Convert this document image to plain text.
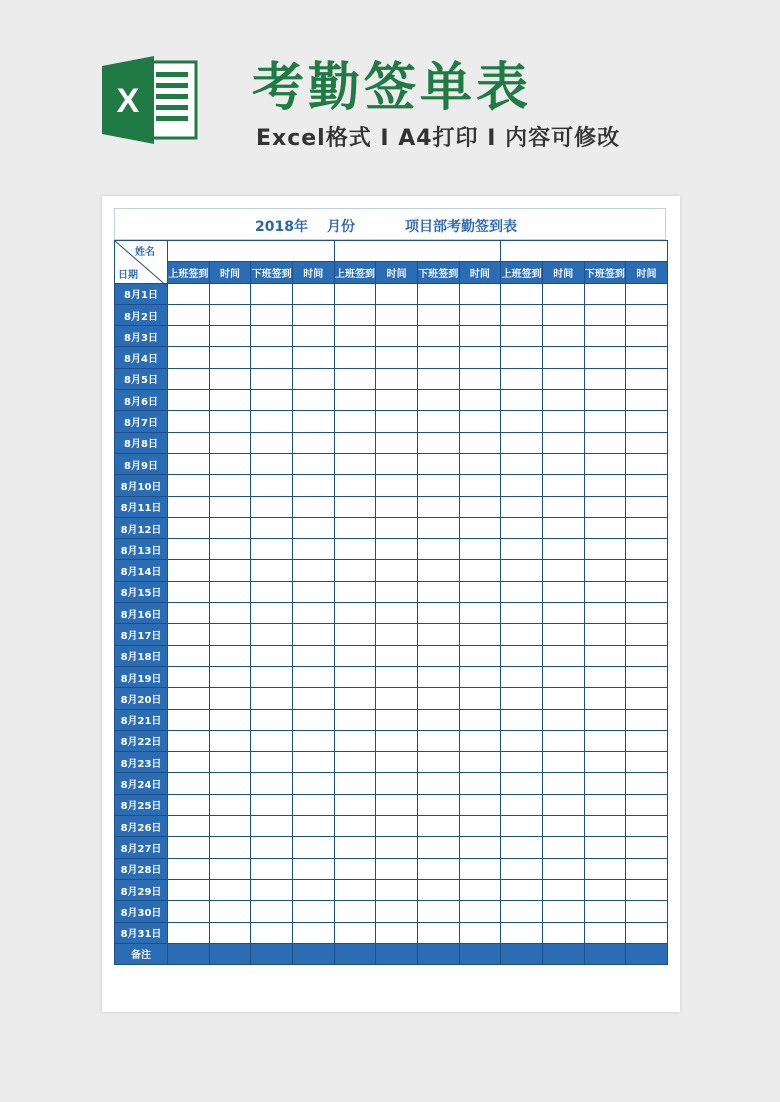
X 考勤签单表
Excel格式 I A4打印 I 内容可修改
2018年 月份	项目部考勤签到表
姓名
日期												

	上班签到	时间	下班签到	时间	上班签到	时间	下班签到	时间	上班签到	时间	下班签到	时间
8月1日												
8月2日												
8月3日												
8月4日												
8月5日												
8月6日												
8月7日												
8月8日												
8月9日												
8月10日												
8月11日												
8月12日												
8月13日												
8月14日												
8月15日												
8月16日												
8月17日												
8月18日												
8月19日												
8月20日												
8月21日												
8月22日												
8月23日												
8月24日												
8月25日												
8月26日												
8月27日												
8月28日												
8月29日												
8月30日												
8月31日												
备注												
